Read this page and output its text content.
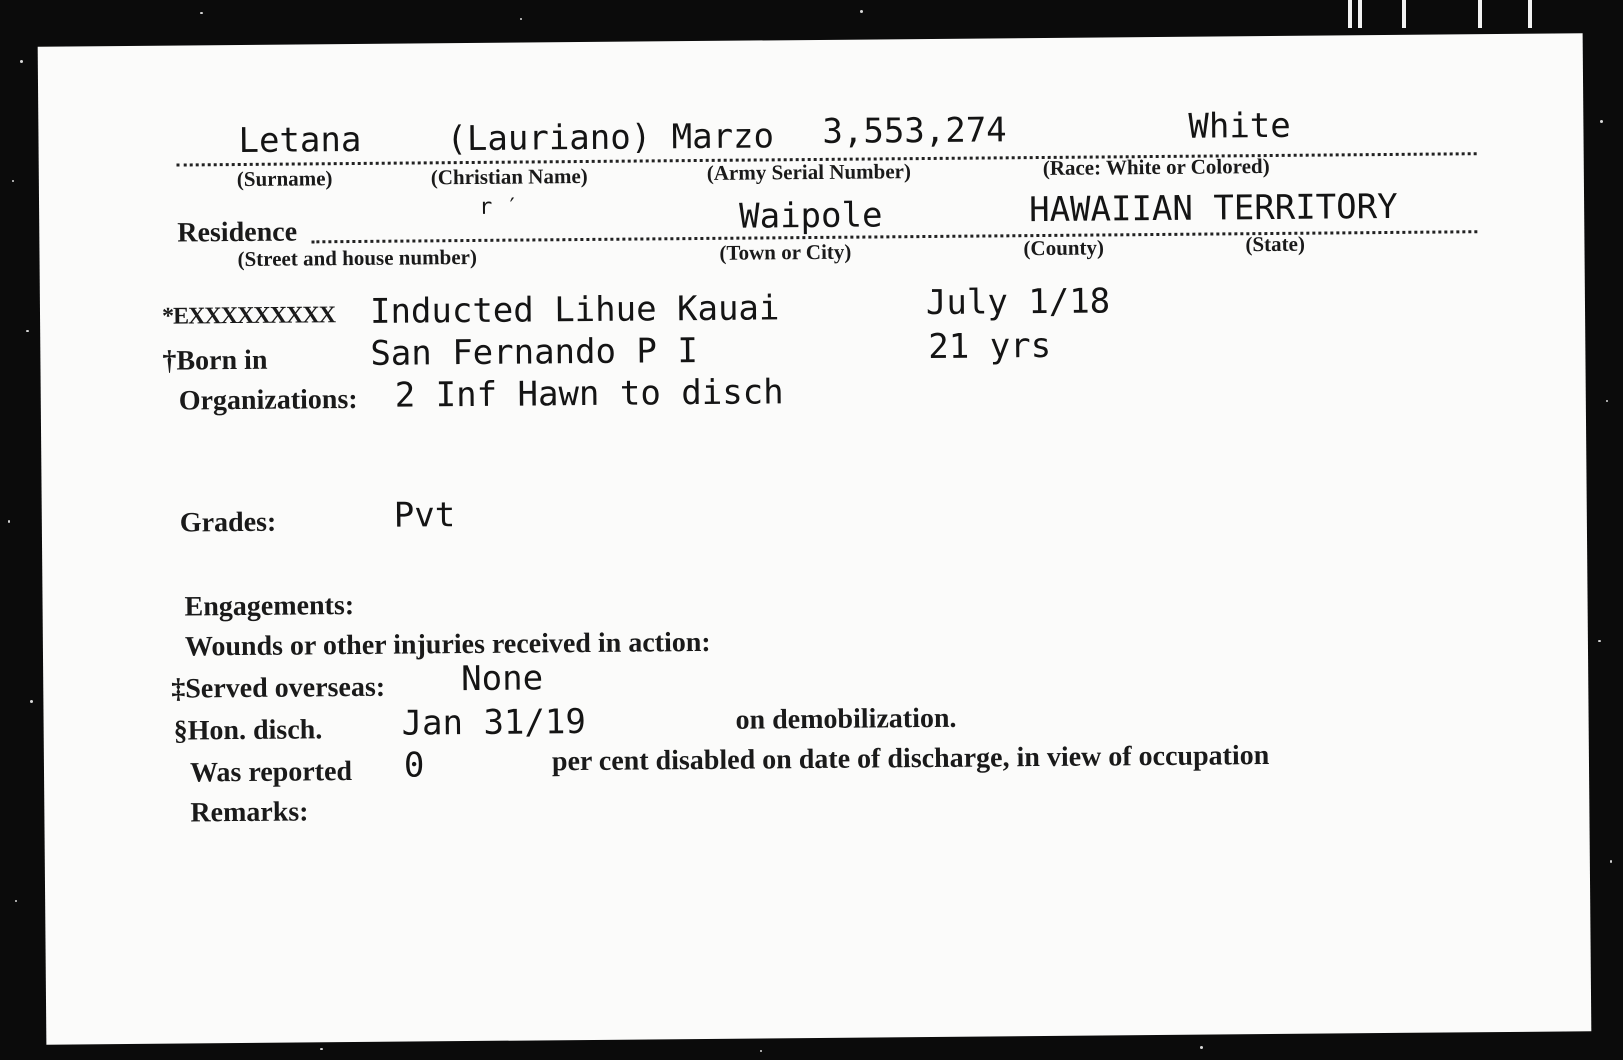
Letana (Lauriano) Marzo 3,553,274	White
(Surname)	(Christian Name)	(Army Serial Number)	(Race: White or Colored)
Residence
r ′	Waipole	HAWAIIAN TERRITORY
(Street and house number)	(Town or City)	(County)	(State)
*EXXXXXXXXX Inducted Lihue Kauai	July 1/18
†Born in	San Fernando P I	21 yrs
Organizations: 2 Inf Hawn to disch
Grades:	Pvt
Engagements:
Wounds or other injuries received in action:
‡Served overseas: None
§Hon. disch. Jan 31/19	on demobilization.
Was reported 0	per cent disabled on date of discharge, in view of occupation
Remarks:
